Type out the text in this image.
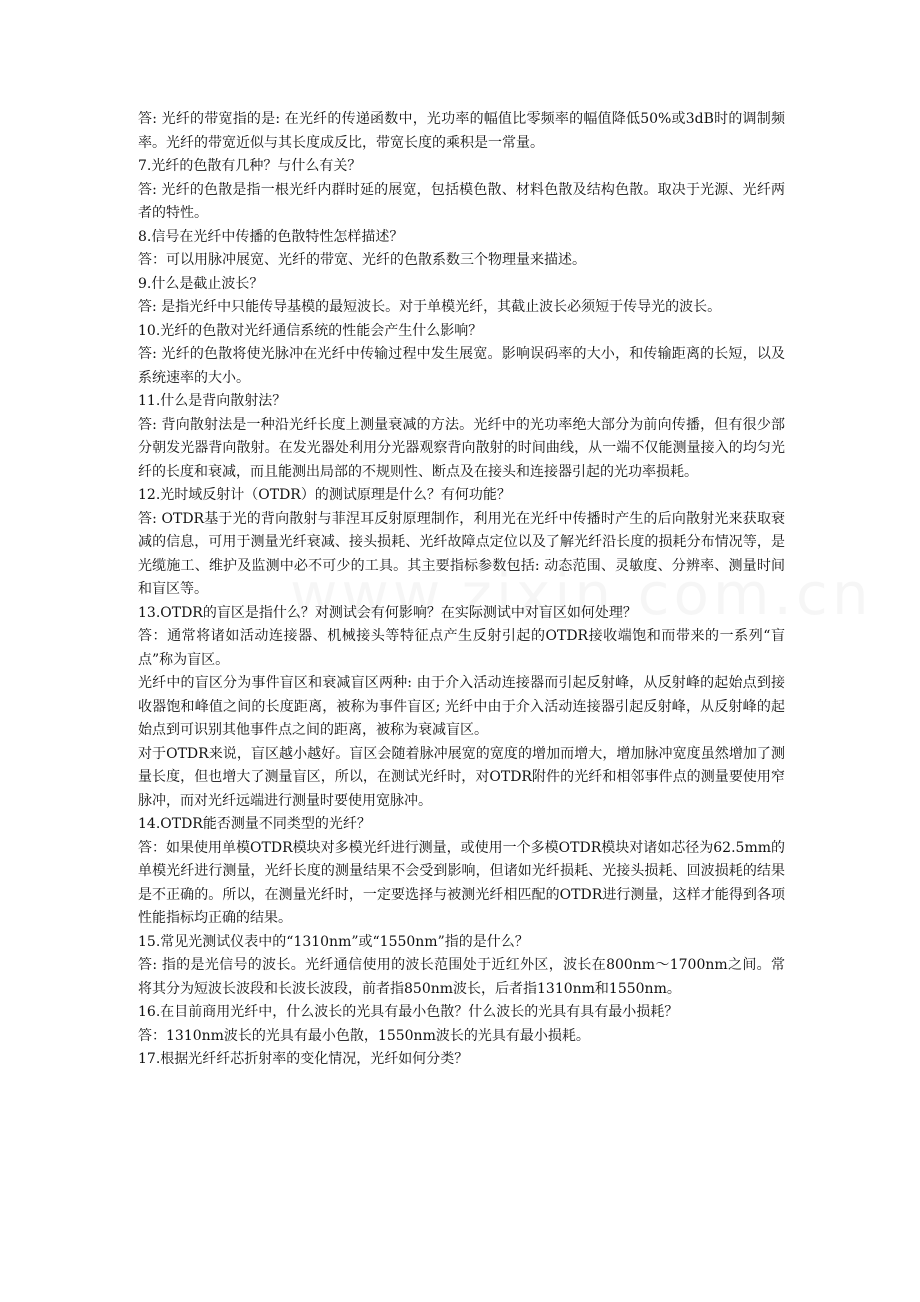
答: 光纤的带宽指的是: 在光纤的传递函数中，光功率的幅值比零频率的幅值降低50%或3dB时的调制频率。光纤的带宽近似与其长度成反比，带宽长度的乘积是一常量。

7.光纤的色散有几种？与什么有关？

答: 光纤的色散是指一根光纤内群时延的展宽，包括模色散、材料色散及结构色散。取决于光源、光纤两者的特性。

8.信号在光纤中传播的色散特性怎样描述？

答：可以用脉冲展宽、光纤的带宽、光纤的色散系数三个物理量来描述。

9.什么是截止波长？

答: 是指光纤中只能传导基模的最短波长。对于单模光纤，其截止波长必须短于传导光的波长。

10.光纤的色散对光纤通信系统的性能会产生什么影响？

答: 光纤的色散将使光脉冲在光纤中传输过程中发生展宽。影响误码率的大小，和传输距离的长短，以及系统速率的大小。

11.什么是背向散射法？

答: 背向散射法是一种沿光纤长度上测量衰减的方法。光纤中的光功率绝大部分为前向传播，但有很少部分朝发光器背向散射。在发光器处利用分光器观察背向散射的时间曲线，从一端不仅能测量接入的均匀光纤的长度和衰减，而且能测出局部的不规则性、断点及在接头和连接器引起的光功率损耗。

12.光时域反射计（OTDR）的测试原理是什么？有何功能？

答: OTDR基于光的背向散射与菲涅耳反射原理制作，利用光在光纤中传播时产生的后向散射光来获取衰减的信息，可用于测量光纤衰减、接头损耗、光纤故障点定位以及了解光纤沿长度的损耗分布情况等，是光缆施工、维护及监测中必不可少的工具。其主要指标参数包括: 动态范围、灵敏度、分辨率、测量时间和盲区等。

13.OTDR的盲区是指什么？对测试会有何影响？在实际测试中对盲区如何处理？

答：通常将诸如活动连接器、机械接头等特征点产生反射引起的OTDR接收端饱和而带来的一系列“盲点”称为盲区。

光纤中的盲区分为事件盲区和衰减盲区两种: 由于介入活动连接器而引起反射峰，从反射峰的起始点到接收器饱和峰值之间的长度距离，被称为事件盲区; 光纤中由于介入活动连接器引起反射峰，从反射峰的起始点到可识别其他事件点之间的距离，被称为衰减盲区。

对于OTDR来说，盲区越小越好。盲区会随着脉冲展宽的宽度的增加而增大，增加脉冲宽度虽然增加了测量长度，但也增大了测量盲区，所以，在测试光纤时，对OTDR附件的光纤和相邻事件点的测量要使用窄脉冲，而对光纤远端进行测量时要使用宽脉冲。

14.OTDR能否测量不同类型的光纤？

答：如果使用单模OTDR模块对多模光纤进行测量，或使用一个多模OTDR模块对诸如芯径为62.5mm的单模光纤进行测量，光纤长度的测量结果不会受到影响，但诸如光纤损耗、光接头损耗、回波损耗的结果是不正确的。所以，在测量光纤时，一定要选择与被测光纤相匹配的OTDR进行测量，这样才能得到各项性能指标均正确的结果。

15.常见光测试仪表中的“1310nm”或“1550nm”指的是什么？

答: 指的是光信号的波长。光纤通信使用的波长范围处于近红外区，波长在800nm～1700nm之间。常将其分为短波长波段和长波长波段，前者指850nm波长，后者指1310nm和1550nm。

16.在目前商用光纤中，什么波长的光具有最小色散？什么波长的光具有具有最小损耗？

答：1310nm波长的光具有最小色散，1550nm波长的光具有最小损耗。

17.根据光纤纤芯折射率的变化情况，光纤如何分类？
